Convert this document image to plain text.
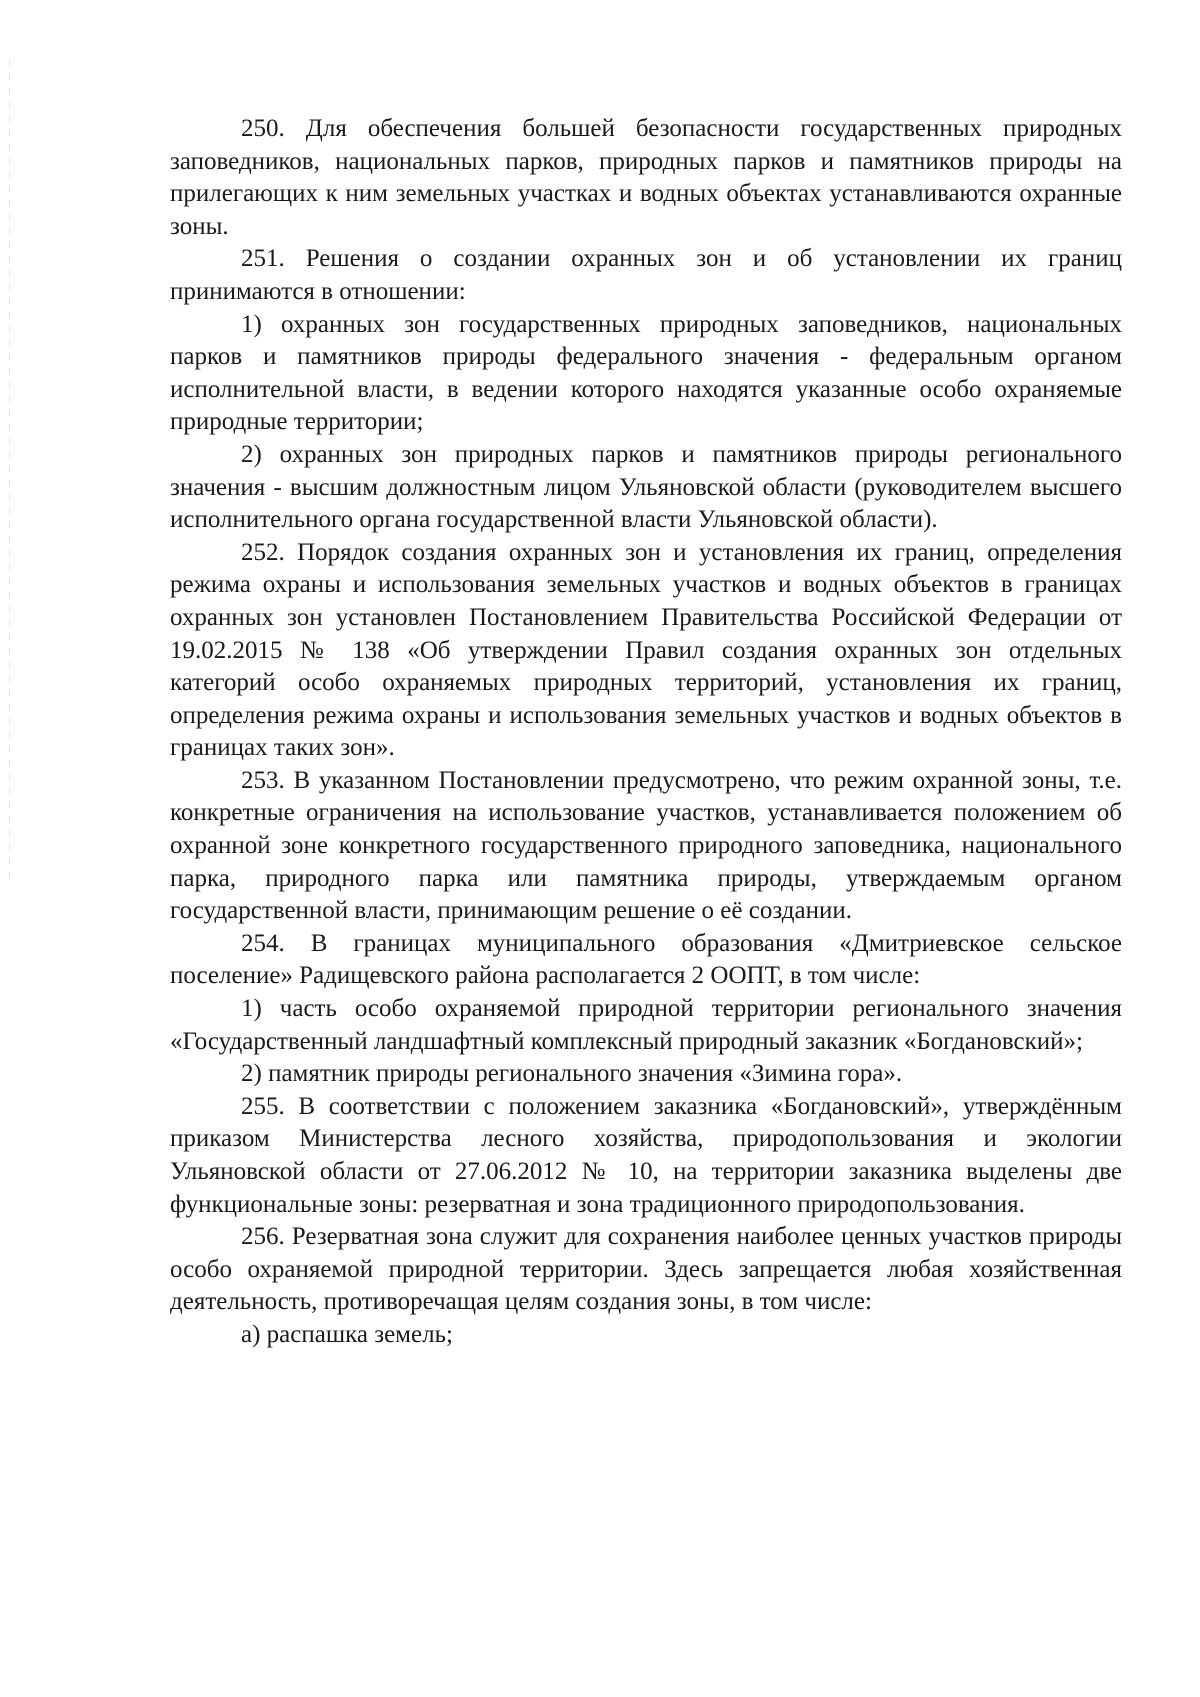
250. Для обеспечения большей безопасности государственных природных заповедников, национальных парков, природных парков и памятников природы на прилегающих к ним земельных участках и водных объектах устанавливаются охранные зоны.

251. Решения о создании охранных зон и об установлении их границ принимаются в отношении:

1) охранных зон государственных природных заповедников, национальных парков и памятников природы федерального значения - федеральным органом исполнительной власти, в ведении которого находятся указанные особо охраняемые природные территории;

2) охранных зон природных парков и памятников природы регионального значения - высшим должностным лицом Ульяновской области (руководителем высшего исполнительного органа государственной власти Ульяновской области).

252. Порядок создания охранных зон и установления их границ, определения режима охраны и использования земельных участков и водных объектов в границах охранных зон установлен Постановлением Правительства Российской Федерации от 19.02.2015 № 138 «Об утверждении Правил создания охранных зон отдельных категорий особо охраняемых природных территорий, установления их границ, определения режима охраны и использования земельных участков и водных объектов в границах таких зон».

253. В указанном Постановлении предусмотрено, что режим охранной зоны, т.е. конкретные ограничения на использование участков, устанавливается положением об охранной зоне конкретного государственного природного заповедника, национального парка, природного парка или памятника природы, утверждаемым органом государственной власти, принимающим решение о её создании.

254. В границах муниципального образования «Дмитриевское сельское поселение» Радищевского района располагается 2 ООПТ, в том числе:

1) часть особо охраняемой природной территории регионального значения «Государственный ландшафтный комплексный природный заказник «Богдановский»;

2) памятник природы регионального значения «Зимина гора».

255. В соответствии с положением заказника «Богдановский», утверждённым приказом Министерства лесного хозяйства, природопользования и экологии Ульяновской области от 27.06.2012 № 10, на территории заказника выделены две функциональные зоны: резерватная и зона традиционного природопользования.

256. Резерватная зона служит для сохранения наиболее ценных участков природы особо охраняемой природной территории. Здесь запрещается любая хозяйственная деятельность, противоречащая целям создания зоны, в том числе:

а) распашка земель;
